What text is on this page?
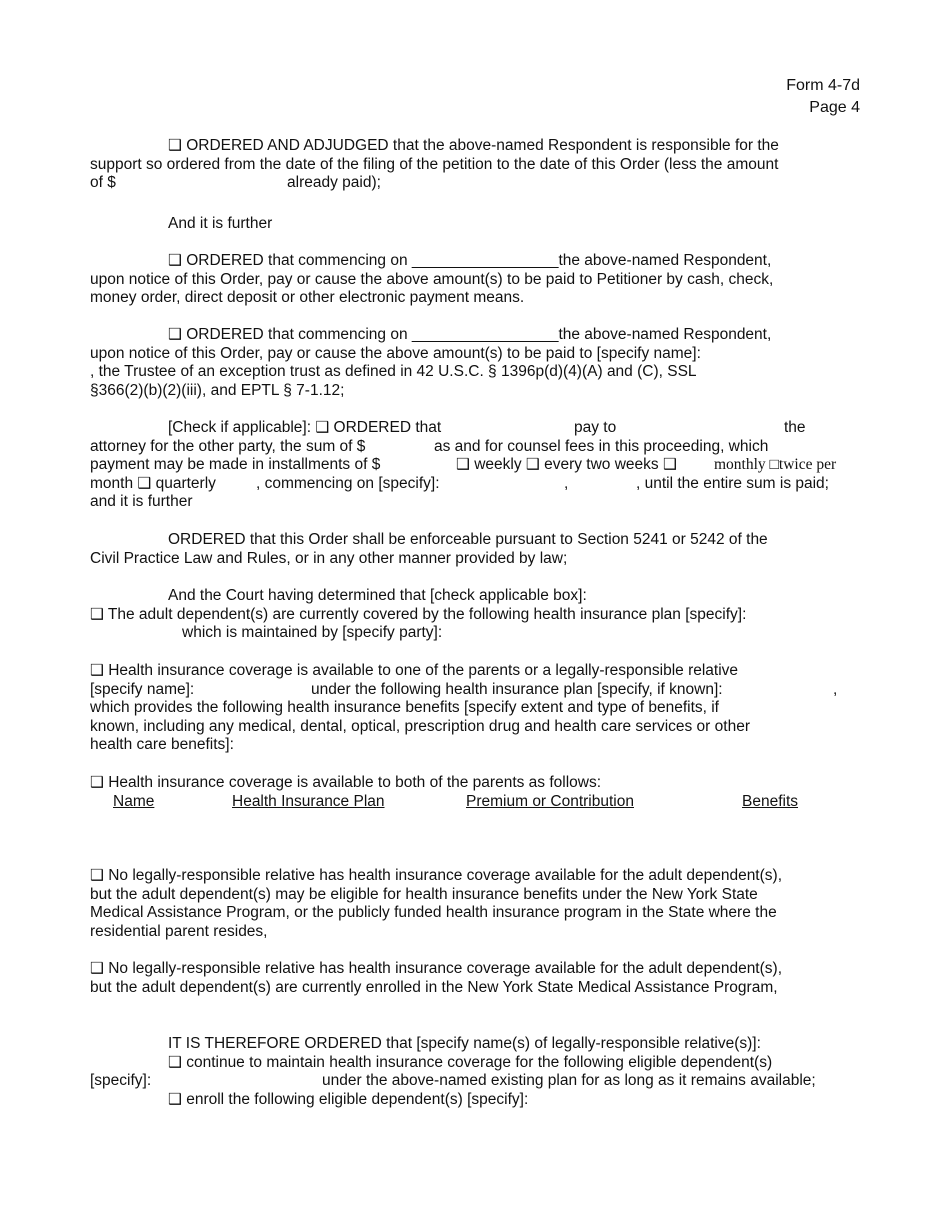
Form 4-7d
Page 4
❑ ORDERED AND ADJUDGED that the above-named Respondent is responsible for the
support so ordered from the date of the filing of the petition to the date of this Order (less the amount
of $	already paid);
And it is further
❑ ORDERED that commencing on _________________the above-named Respondent,
upon notice of this Order, pay or cause the above amount(s) to be paid to Petitioner by cash, check,
money order, direct deposit or other electronic payment means.
❑ ORDERED that commencing on _________________the above-named Respondent,
upon notice of this Order, pay or cause the above amount(s) to be paid to [specify name]:
, the Trustee of an exception trust as defined in 42 U.S.C. § 1396p(d)(4)(A) and (C), SSL
§366(2)(b)(2)(iii), and EPTL § 7-1.12;
[Check if applicable]: ❑ ORDERED that	pay to	the
attorney for the other party, the sum of $	as and for counsel fees in this proceeding, which
payment may be made in installments of $	❑ weekly ❑ every two weeks ❑ monthly □twice per
month ❑ quarterly	, commencing on [specify]:	,	, until the entire sum is paid;
and it is further
ORDERED that this Order shall be enforceable pursuant to Section 5241 or 5242 of the
Civil Practice Law and Rules, or in any other manner provided by law;
And the Court having determined that [check applicable box]:
❑ The adult dependent(s) are currently covered by the following health insurance plan [specify]:
which is maintained by [specify party]:
❑ Health insurance coverage is available to one of the parents or a legally-responsible relative
[specify name]:	under the following health insurance plan [specify, if known]:	,
which provides the following health insurance benefits [specify extent and type of benefits, if
known, including any medical, dental, optical, prescription drug and health care services or other
health care benefits]:
❑ Health insurance coverage is available to both of the parents as follows:
Name	Health Insurance Plan	Premium or Contribution	Benefits
❑ No legally-responsible relative has health insurance coverage available for the adult dependent(s),
but the adult dependent(s) may be eligible for health insurance benefits under the New York State
Medical Assistance Program, or the publicly funded health insurance program in the State where the
residential parent resides,
❑ No legally-responsible relative has health insurance coverage available for the adult dependent(s),
but the adult dependent(s) are currently enrolled in the New York State Medical Assistance Program,
IT IS THEREFORE ORDERED that [specify name(s) of legally-responsible relative(s)]:
❑ continue to maintain health insurance coverage for the following eligible dependent(s)
[specify]:	under the above-named existing plan for as long as it remains available;
❑ enroll the following eligible dependent(s) [specify]:
